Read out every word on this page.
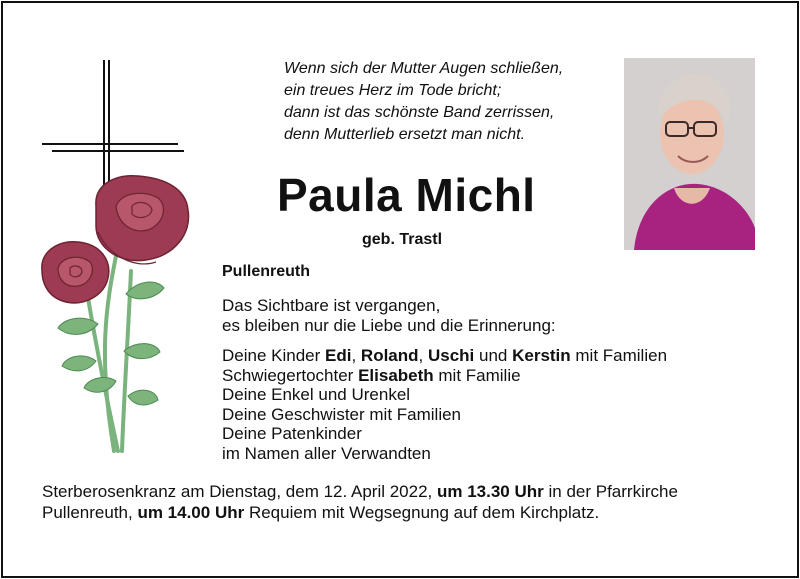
Wenn sich der Mutter Augen schließen,
ein treues Herz im Tode bricht;
dann ist das schönste Band zerrissen,
denn Mutterlieb ersetzt man nicht.
Paula Michl
geb. Trastl
Pullenreuth
Das Sichtbare ist vergangen,
es bleiben nur die Liebe und die Erinnerung:
Deine Kinder Edi, Roland, Uschi und Kerstin mit Familien
Schwiegertochter Elisabeth mit Familie
Deine Enkel und Urenkel
Deine Geschwister mit Familien
Deine Patenkinder
im Namen aller Verwandten
Sterberosenkranz am Dienstag, dem 12. April 2022, um 13.30 Uhr in der Pfarrkirche
Pullenreuth, um 14.00 Uhr Requiem mit Wegsegnung auf dem Kirchplatz.
